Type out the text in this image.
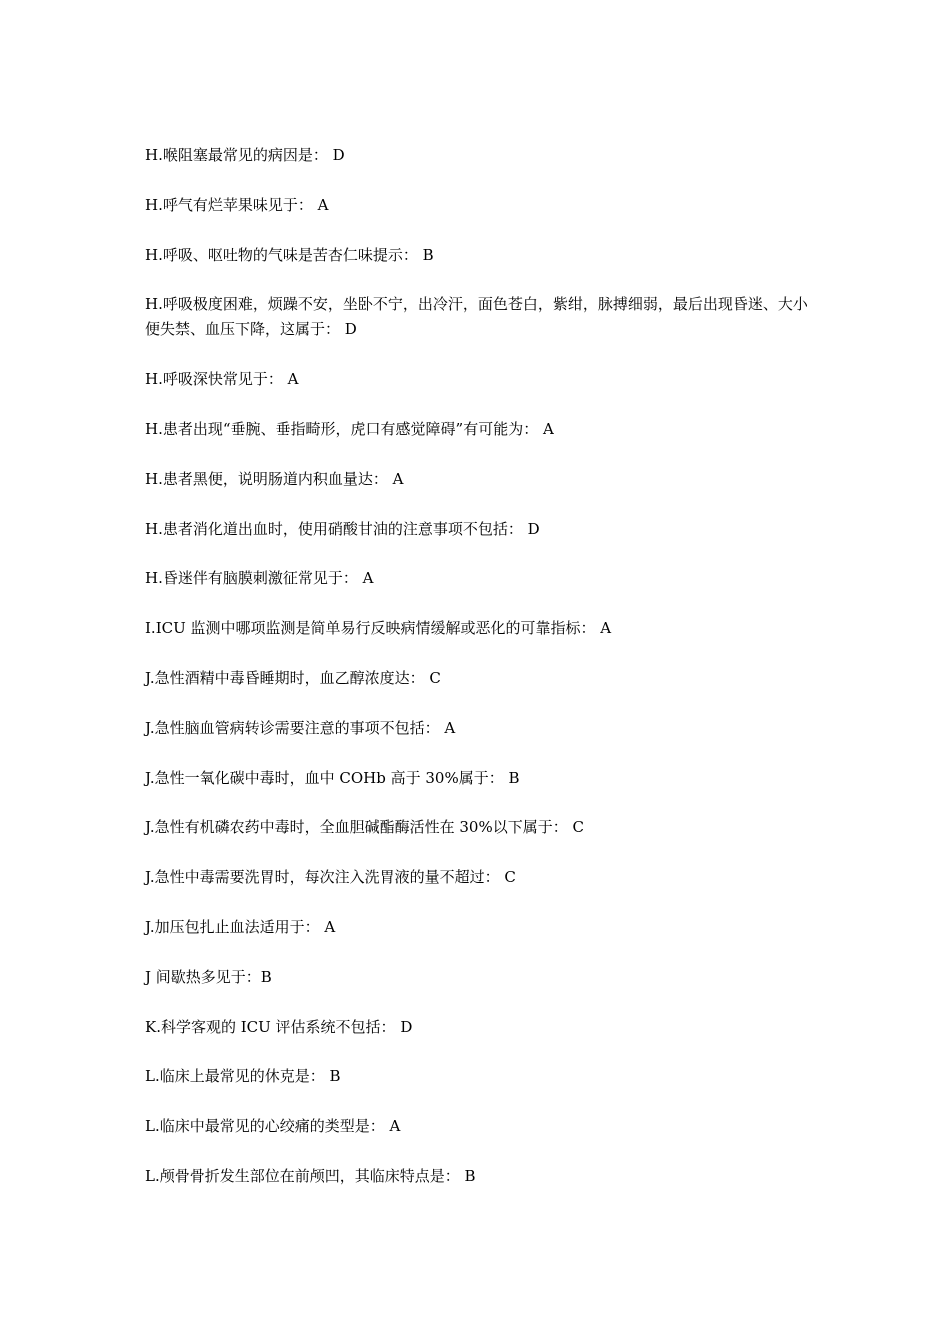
H.喉阻塞最常见的病因是： D

H.呼气有烂苹果味见于： A

H.呼吸、呕吐物的气味是苦杏仁味提示： B

H.呼吸极度困难，烦躁不安，坐卧不宁，出冷汗，面色苍白，紫绀，脉搏细弱，最后出现昏迷、大小便失禁、血压下降，这属于： D

H.呼吸深快常见于： A

H.患者出现“垂腕、垂指畸形，虎口有感觉障碍”有可能为： A

H.患者黑便，说明肠道内积血量达： A

H.患者消化道出血时，使用硝酸甘油的注意事项不包括： D

H.昏迷伴有脑膜刺激征常见于： A

I.ICU 监测中哪项监测是简单易行反映病情缓解或恶化的可靠指标： A

J.急性酒精中毒昏睡期时，血乙醇浓度达： C

J.急性脑血管病转诊需要注意的事项不包括： A

J.急性一氧化碳中毒时，血中 COHb 高于 30%属于： B

J.急性有机磷农药中毒时，全血胆碱酯酶活性在 30%以下属于： C

J.急性中毒需要洗胃时，每次注入洗胃液的量不超过： C

J.加压包扎止血法适用于： A

J 间歇热多见于：B

K.科学客观的 ICU 评估系统不包括： D

L.临床上最常见的休克是： B

L.临床中最常见的心绞痛的类型是： A

L.颅骨骨折发生部位在前颅凹，其临床特点是： B
